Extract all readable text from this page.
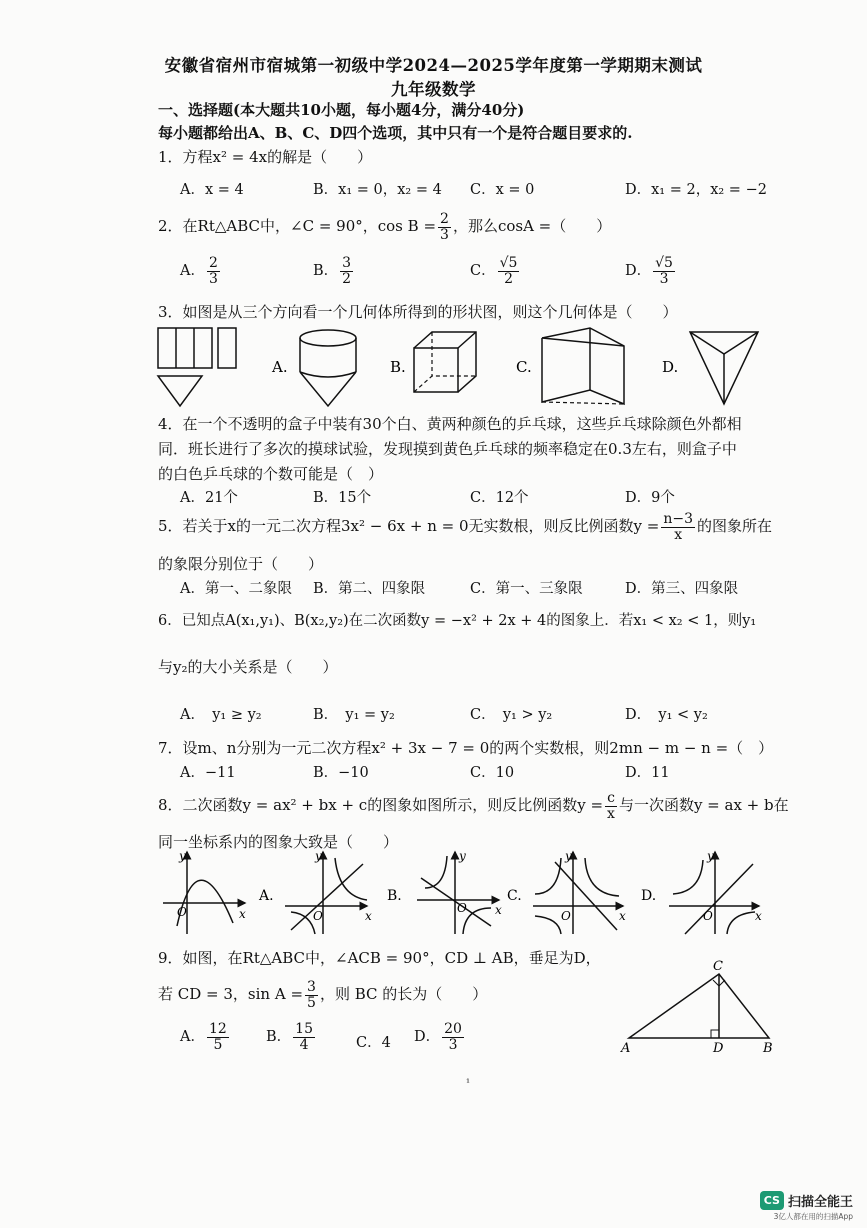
安徽省宿州市宿城第一初级中学2024—2025学年度第一学期期末测试
九年级数学
一、选择题(本大题共10小题，每小题4分，满分40分)
每小题都给出A、B、C、D四个选项，其中只有一个是符合题目要求的.
1．方程x² = 4x的解是（　　）
A．x = 4	B．x₁ = 0，x₂ = 4 C．x = 0	D．x₁ = 2，x₂ = −2
2．在Rt△ABC中，∠C = 90°，$\cos B = \frac{2}{3}$ ，那么cosA =（　　）
A． $\frac{2}{3}$	B． $\frac{3}{2}$	C． $\frac{√5}{2}$	D． $\frac{√5}{3}$
3．如图是从三个方向看一个几何体所得到的形状图，则这个几何体是（　　）
A.	B.	C.	D.
4．在一个不透明的盒子中装有30个白、黄两种颜色的乒乓球，这些乒乓球除颜色外都相
同．班长进行了多次的摸球试验，发现摸到黄色乒乓球的频率稳定在0.3左右，则盒子中
的白色乒乓球的个数可能是（　）
A．21个	B．15个	C．12个	D．9个
5．若关于x的一元二次方程3x² − 6x + n = 0无实数根，则反比例函数$y = \frac{n-3}{x}$ 的图象所在
的象限分别位于（　　）
A．第一、二象限 B．第二、四象限	C．第一、三象限	D．第三、四象限
6．已知点A(x₁,y₁)、B(x₂,y₂)在二次函数y = −x² + 2x + 4的图象上．若x₁ < x₂ < 1，则y₁
与y₂的大小关系是（　　）
A．　y₁ ≥ y₂	B．　y₁ = y₂	C．　y₁ > y₂	D．　y₁ < y₂
7．设m、n分别为一元二次方程x² + 3x − 7 = 0的两个实数根，则2mn − m − n =（　）
A．−11	B．−10	C．10	D．11
8．二次函数y = ax² + bx + c的图象如图所示，则反比例函数$y = \frac{c}{x}$ 与一次函数y = ax + b在
同一坐标系内的图象大致是（　　）
y
x
O
A.
y
x
O
B.
y
x
O
C.
y
x
O
D.
y
x
O
9．如图，在Rt△ABC中，∠ACB = 90°，CD ⊥ AB，垂足为D，
若 CD = 3，$\sin A = \frac{3}{5}$ ，则 BC 的长为（　　）
A． $\frac{12}{5}$	B． $\frac{15}{4}$	C．4 D． $\frac{20}{3}$
C
A	D	B
¹
CS 扫描全能王
3亿人都在用的扫描App
